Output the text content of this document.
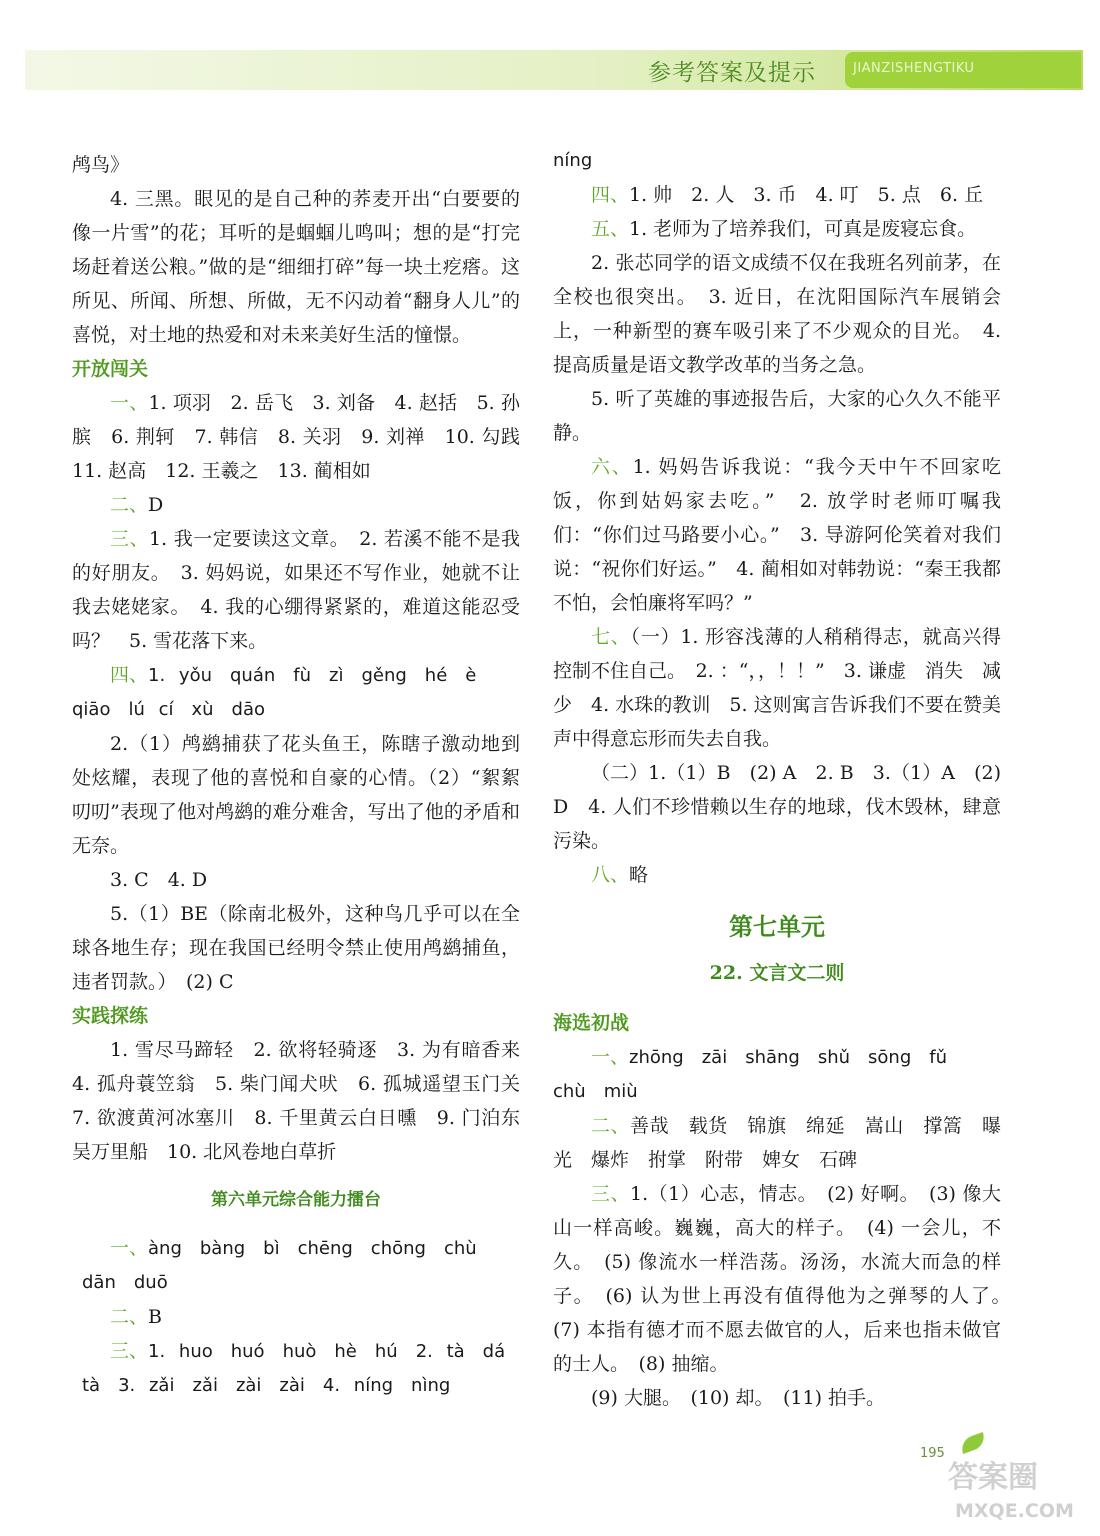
参考答案及提示	JIANZISHENGTIKU

鸬鸟》

4. 三黑。眼见的是自己种的荞麦开出“白要要的像一片雪”的花；耳听的是蝈蝈儿鸣叫；想的是“打完场赶着送公粮。”做的是“细细打碎”每一块土疙瘩。这所见、所闻、所想、所做，无不闪动着“翻身人儿”的喜悦，对土地的热爱和对未来美好生活的憧憬。

开放闯关

一、1. 项羽　2. 岳飞　3. 刘备　4. 赵括　5. 孙膑　6. 荆轲　7. 韩信　8. 关羽　9. 刘禅　10. 勾践　11. 赵高　12. 王羲之　13. 蔺相如

二、D

三、1. 我一定要读这文章。　2. 若溪不能不是我的好朋友。　3. 妈妈说，如果还不写作业，她就不让我去姥姥家。　4. 我的心绷得紧紧的，难道这能忍受吗？　5. 雪花落下来。

四、1. yǒu　quán　fù　zì　gěng　hé　è

qiāo　lú cí　xù　dāo

2.（1）鸬鹚捕获了花头鱼王，陈瞎子激动地到处炫耀，表现了他的喜悦和自豪的心情。（2）“絮絮叨叨”表现了他对鸬鹚的难分难舍，写出了他的矛盾和无奈。

3. C　4. D

5.（1）BE（除南北极外，这种鸟几乎可以在全球各地生存；现在我国已经明令禁止使用鸬鹚捕鱼，违者罚款。）　(2) C

实践探练

1. 雪尽马蹄轻　2. 欲将轻骑逐　3. 为有暗香来　4. 孤舟蓑笠翁　5. 柴门闻犬吠　6. 孤城遥望玉门关　7. 欲渡黄河冰塞川　8. 千里黄云白日曛　9. 门泊东吴万里船　10. 北风卷地白草折

第六单元综合能力擂台

一、àng　bàng　bì　chēng　chōng　chù

dān　duō

二、B

三、1. huo　huó　huò　hè　hú　2. tà　dá

tà　3. zǎi　zǎi　zài　zài　4. níng　nìng

níng

四、1. 帅　2. 人　3. 币　4. 叮　5. 点　6. 丘

五、1. 老师为了培养我们，可真是废寝忘食。

2. 张芯同学的语文成绩不仅在我班名列前茅，在全校也很突出。　3. 近日，在沈阳国际汽车展销会上，一种新型的赛车吸引来了不少观众的目光。　4. 提高质量是语文教学改革的当务之急。

5. 听了英雄的事迹报告后，大家的心久久不能平静。

六、1. 妈妈告诉我说：“我今天中午不回家吃饭，你到姑妈家去吃。”　2. 放学时老师叮嘱我们：“你们过马路要小心。”　3. 导游阿伦笑着对我们说：“祝你们好运。”　4. 蔺相如对韩勃说：“秦王我都不怕，会怕廉将军吗？”

七、（一）1. 形容浅薄的人稍稍得志，就高兴得控制不住自己。　2. ：“，，！！”　3. 谦虚　消失　减少　4. 水珠的教训　5. 这则寓言告诉我们不要在赞美声中得意忘形而失去自我。

（二）1.（1）B　(2) A　2. B　3.（1）A　(2) D　4. 人们不珍惜赖以生存的地球，伐木毁林，肆意污染。

八、略

第七单元

22. 文言文二则

海选初战

一、zhōng　zāi　shāng　shǔ　sōng　fǔ

chù　miù

二、善哉　载货　锦旗　绵延　嵩山　撑篙　曝光　爆炸　拊掌　附带　婢女　石碑

三、1.（1）心志，情志。　(2) 好啊。　(3) 像大山一样高峻。巍巍，高大的样子。　(4) 一会儿，不久。　(5) 像流水一样浩荡。汤汤，水流大而急的样子。　(6) 认为世上再没有值得他为之弹琴的人了。　(7) 本指有德才而不愿去做官的人，后来也指未做官的士人。　(8) 抽缩。

(9) 大腿。　(10) 却。　(11) 拍手。

195
答案圈
MXQE.COM
